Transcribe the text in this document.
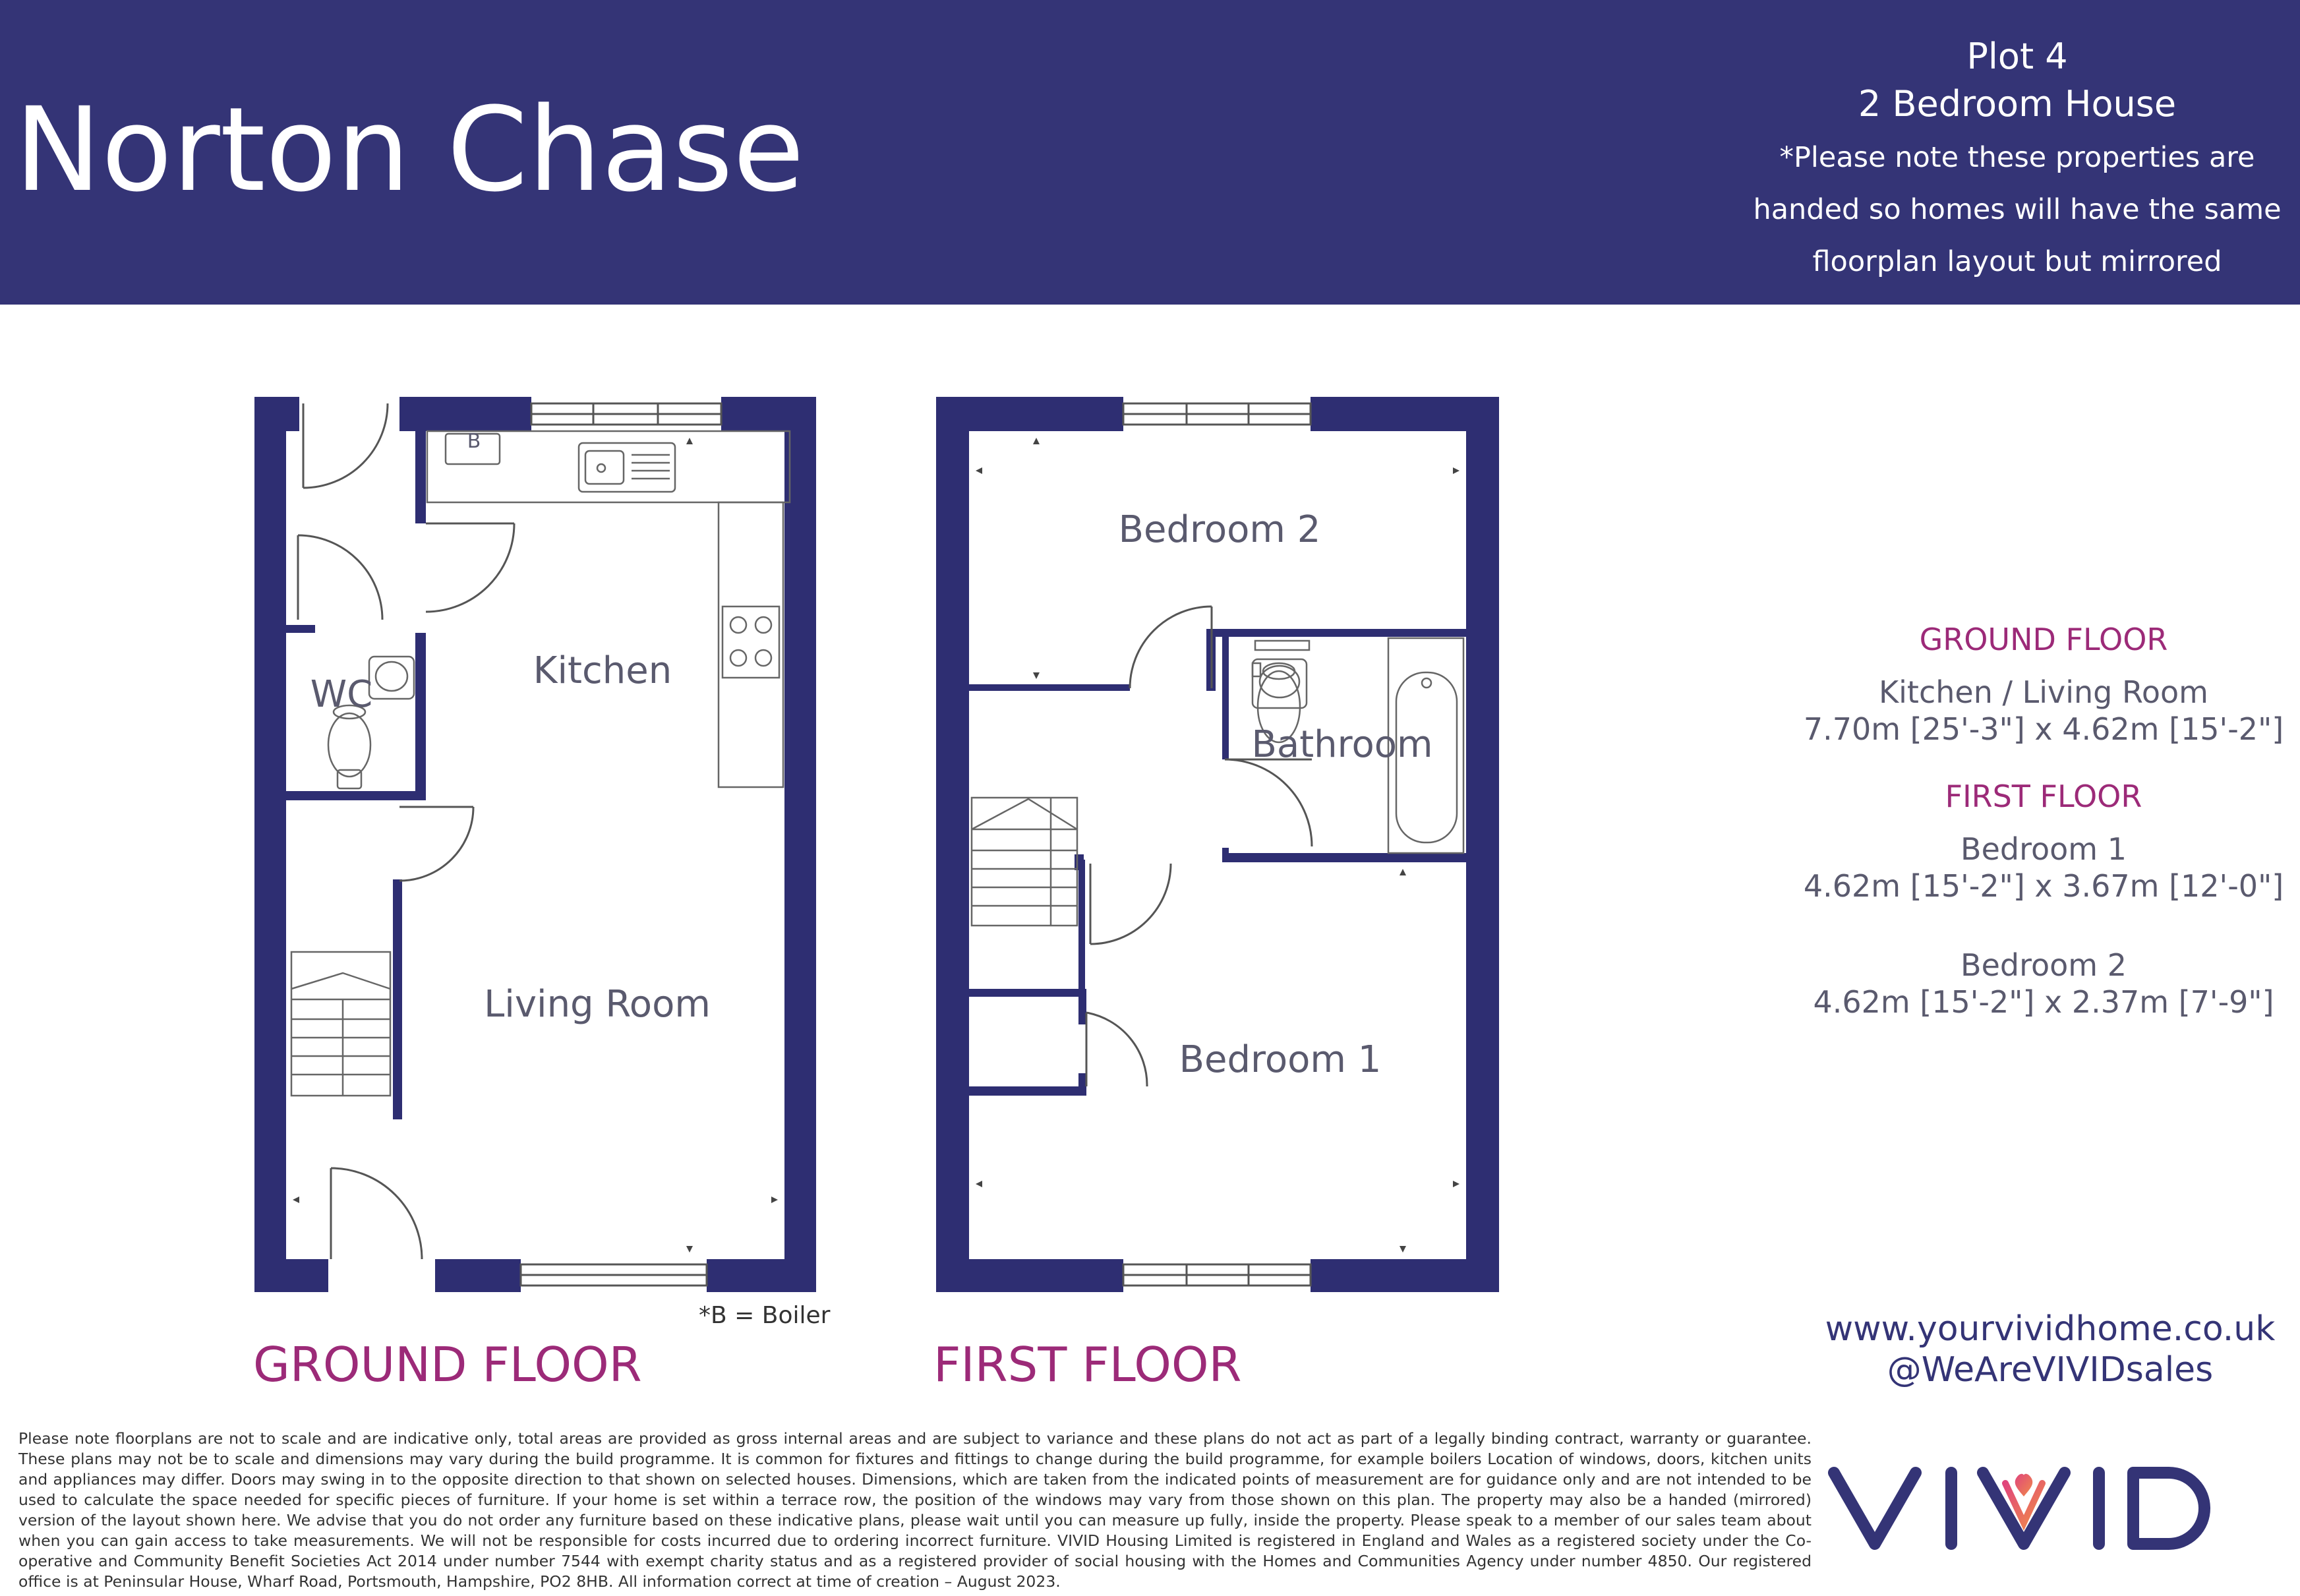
Norton Chase
Plot 4
2 Bedroom House
*Please note these properties are
handed so homes will have the same
floorplan layout but mirrored
B
WC
Kitchen
Living Room
Bedroom 2
Bathroom
Bedroom 1
*B = Boiler
GROUND FLOOR	FIRST FLOOR
GROUND FLOOR
Kitchen / Living Room
7.70m [25'-3"] x 4.62m [15'-2"]
FIRST FLOOR
Bedroom 1
4.62m [15'-2"] x 3.67m [12'-0"]
Bedroom 2
4.62m [15'-2"] x 2.37m [7'-9"]
www.yourvividhome.co.uk
@WeAreVIVIDsales
Please note floorplans are not to scale and are indicative only, total areas are provided as gross internal areas and are subject to variance and these plans do not act as part of a legally binding contract, warranty or guarantee. These plans may not be to scale and dimensions may vary during the build programme. It is common for fixtures and fittings to change during the build programme, for example boilers Location of windows, doors, kitchen units and appliances may differ. Doors may swing in to the opposite direction to that shown on selected houses. Dimensions, which are taken from the indicated points of measurement are for guidance only and are not intended to be used to calculate the space needed for specific pieces of furniture. If your home is set within a terrace row, the position of the windows may vary from those shown on this plan. The property may also be a handed (mirrored) version of the layout shown here. We advise that you do not order any furniture based on these indicative plans, please wait until you can measure up fully, inside the property. Please speak to a member of our sales team about when you can gain access to take measurements. We will not be responsible for costs incurred due to ordering incorrect furniture. VIVID Housing Limited is registered in England and Wales as a registered society under the Co-operative and Community Benefit Societies Act 2014 under number 7544 with exempt charity status and as a registered provider of social housing with the Homes and Communities Agency under number 4850. Our registered office is at Peninsular House, Wharf Road, Portsmouth, Hampshire, PO2 8HB. All information correct at time of creation – August 2023.
